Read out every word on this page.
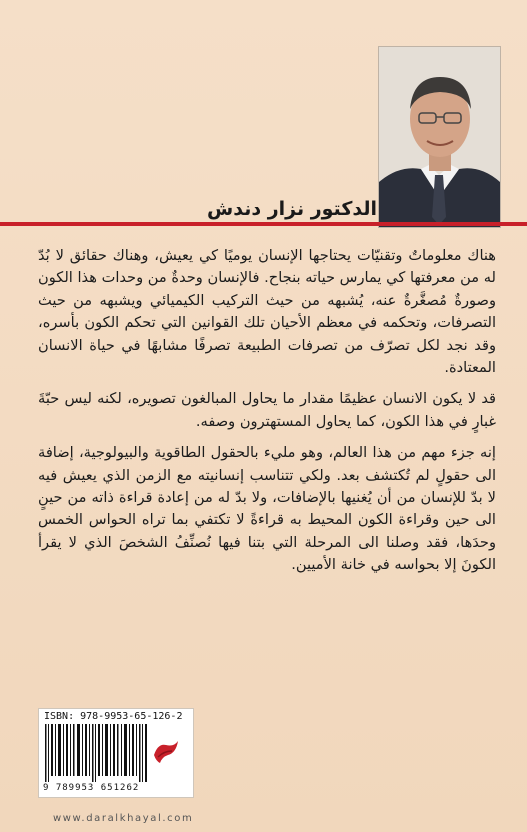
الدكتور نزار دندش

هناك معلوماتٌ وتقنيّات يحتاجها الإنسان يوميًا كي يعيش، وهناك حقائق لا بُدّ له من معرفتها كي يمارس حياته بنجاح. فالإنسان وحدةٌ من وحدات هذا الكون وصورةٌ مُصغَّرةٌ عنه، يُشبهه من حيث التركيب الكيميائي ويشبهه من حيث التصرفات، وتحكمه في معظم الأحيان تلك القوانين التي تحكم الكون بأسره، وقد نجد لكل تصرّف من تصرفات الطبيعة تصرفًا مشابهًا في حياة الانسان المعتادة.

قد لا يكون الانسان عظيمًا مقدار ما يحاول المبالغون تصويره، لكنه ليس حبّةَ غبارٍ في هذا الكون، كما يحاول المستهترون وصفه.

إنه جزء مهم من هذا العالم، وهو مليء بالحقول الطاقوية والبيولوجية، إضافة الى حقولٍ لم تُكتشف بعد. ولكي تتناسب إنسانيته مع الزمن الذي يعيش فيه لا بدّ للإنسان من أن يُغنيها بالإضافات، ولا بدّ له من إعادة قراءة ذاته من حينٍ الى حين وقراءة الكون المحيط به قراءةً لا تكتفي بما تراه الحواس الخمس وحدَها، فقد وصلنا الى المرحلة التي بتنا فيها نُصنِّفُ الشخصَ الذي لا يقرأ الكونَ إلا بحواسه في خانة الأميين.

ISBN: 978-9953-65-126-2
9 789953 651262
www.daralkhayal.com
